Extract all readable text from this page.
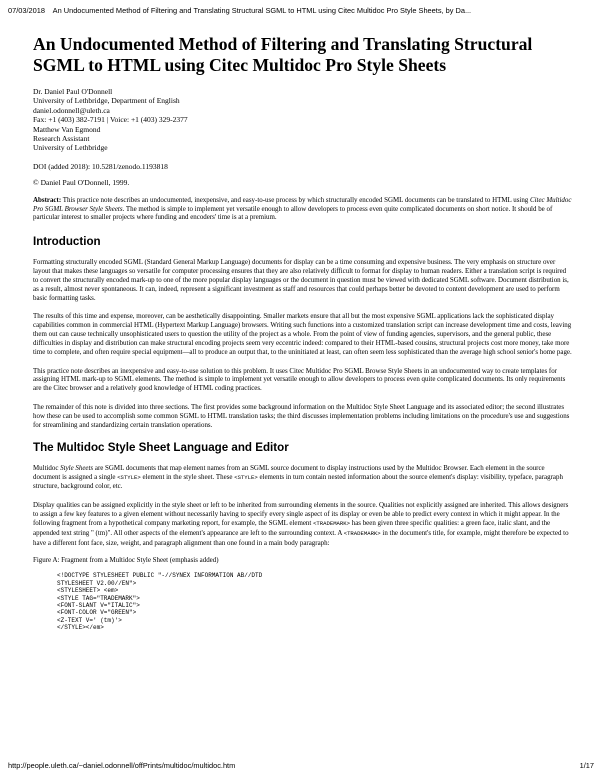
07/03/2018 An Undocumented Method of Filtering and Translating Structural SGML to HTML using Citec Multidoc Pro Style Sheets, by Da...
An Undocumented Method of Filtering and Translating Structural SGML to HTML using Citec Multidoc Pro Style Sheets
Dr. Daniel Paul O'Donnell
University of Lethbridge, Department of English
daniel.odonnell@uleth.ca
Fax: +1 (403) 382-7191 | Voice: +1 (403) 329-2377
Matthew Van Egmond
Research Assistant
University of Lethbridge
DOI (added 2018): 10.5281/zenodo.1193818
© Daniel Paul O'Donnell, 1999.
Abstract: This practice note describes an undocumented, inexpensive, and easy-to-use process by which structurally encoded SGML documents can be translated to HTML using Citec Multidoc Pro SGML Browser Style Sheets. The method is simple to implement yet versatile enough to allow developers to process even quite complicated documents on short notice. It should be of particular interest to smaller projects where funding and encoders' time is at a premium.
Introduction

Formatting structurally encoded SGML (Standard General Markup Language) documents for display can be a time consuming and expensive business. The very emphasis on structure over layout that makes these languages so versatile for computer processing ensures that they are also relatively difficult to format for display to human readers. Either a translation script is required to convert the structurally encoded mark-up to one of the more popular display languages or the document in question must be viewed with dedicated SGML software. Document distribution is, as a result, almost never spontaneous. It can, indeed, represent a significant investment as staff and resources that could perhaps better be devoted to content development are used to perform basic formatting tasks.

The results of this time and expense, moreover, can be aesthetically disappointing. Smaller markets ensure that all but the most expensive SGML applications lack the sophisticated display capabilities common in commercial HTML (Hypertext Markup Language) browsers. Writing such functions into a customized translation script can increase development time and costs, leaving them out can cause technically unsophisticated users to question the utility of the project as a whole. From the point of view of funding agencies, supervisors, and the general public, these difficulties in display and distribution can make structural encoding projects seem very eccentric indeed: compared to their HTML-based cousins, structural projects cost more money, take more time to complete, and often require special equipment—all to produce an output that, to the uninitiated at least, can often seem less sophisticated than the average high school senior's home page.

This practice note describes an inexpensive and easy-to-use solution to this problem. It uses Citec Multidoc Pro SGML Browse Style Sheets in an undocumented way to create templates for assigning HTML mark-up to SGML elements. The method is simple to implement yet versatile enough to allow developers to process even quite complicated documents. Its only requirements are the Citec browser and a relatively good knowledge of HTML coding practices.

The remainder of this note is divided into three sections. The first provides some background information on the Multidoc Style Sheet Language and its associated editor; the second illustrates how these can be used to accomplish some common SGML to HTML translation tasks; the third discusses implementation problems including limitations on the procedure's use and suggestions for streamlining and standardizing certain translation operations.

The Multidoc Style Sheet Language and Editor

Multidoc Style Sheets are SGML documents that map element names from an SGML source document to display instructions used by the Multidoc Browser. Each element in the source document is assigned a single <STYLE> element in the style sheet. These <STYLE> elements in turn contain nested information about the source element's display: visibility, typeface, paragraph structure, background color, etc.

Display qualities can be assigned explicitly in the style sheet or left to be inherited from surrounding elements in the source. Qualities not explicitly assigned are inherited. This allows designers to assign a few key features to a given element without necessarily having to specify every single aspect of its display or even be able to predict every context in which it might appear. In the following fragment from a hypothetical company marketing report, for example, the SGML element <TRADEMARK> has been given three specific qualities: a green face, italic slant, and the appended text string " (tm)". All other aspects of the element's appearance are left to the surrounding context. A <TRADEMARK> in the document's title, for example, might therefore be expected to have a different font face, size, weight, and paragraph alignment than one found in a main body paragraph:

Figure A: Fragment from a Multidoc Style Sheet (emphasis added)
<!DOCTYPE STYLESHEET PUBLIC "-//SYNEX INFORMATION AB//DTD
STYLESHEET V2.00//EN">
<STYLESHEET> <em>
<STYLE TAG="TRADEMARK">
<FONT-SLANT V="ITALIC">
<FONT-COLOR V="GREEN">
<Z-TEXT V=' (tm)'>
</STYLE></em>
http://people.uleth.ca/~daniel.odonnell/offPrints/multidoc/multidoc.htm	1/17
